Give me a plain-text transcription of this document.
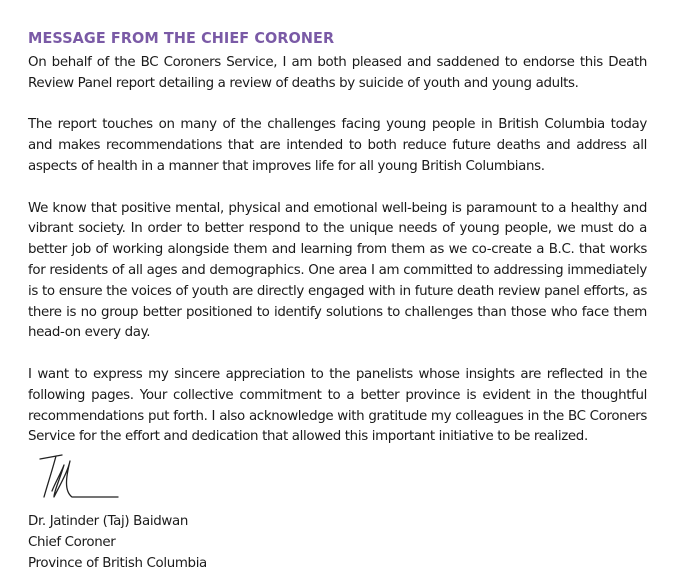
MESSAGE FROM THE CHIEF CORONER

On behalf of the BC Coroners Service, I am both pleased and saddened to endorse this Death Review Panel report detailing a review of deaths by suicide of youth and young adults.

The report touches on many of the challenges facing young people in British Columbia today and makes recommendations that are intended to both reduce future deaths and address all aspects of health in a manner that improves life for all young British Columbians.

We know that positive mental, physical and emotional well-being is paramount to a healthy and vibrant society. In order to better respond to the unique needs of young people, we must do a better job of working alongside them and learning from them as we co-create a B.C. that works for residents of all ages and demographics. One area I am committed to addressing immediately is to ensure the voices of youth are directly engaged with in future death review panel efforts, as there is no group better positioned to identify solutions to challenges than those who face them head-on every day.

I want to express my sincere appreciation to the panelists whose insights are reflected in the following pages. Your collective commitment to a better province is evident in the thoughtful recommendations put forth. I also acknowledge with gratitude my colleagues in the BC Coroners Service for the effort and dedication that allowed this important initiative to be realized.

Dr. Jatinder (Taj) Baidwan
Chief Coroner
Province of British Columbia
